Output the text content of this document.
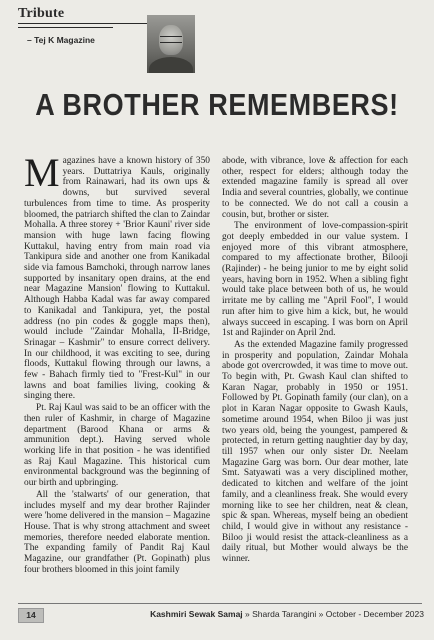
Tribute
– Tej K Magazine
A BROTHER REMEMBERS!

Magazines have a known history of 350 years. Duttatriya Kauls, originally from Rainawari, had its own ups & downs, but survived several turbulences from time to time. As prosperity bloomed, the patriarch shifted the clan to Zaindar Mohalla. A three storey + 'Brior Kauni' river side mansion with huge lawn facing flowing Kuttakul, having entry from main road via Tankipura side and another one from Kanikadal side via famous Bamchoki, through narrow lanes supported by insanitary open drains, at the end near Magazine Mansion' flowing to Kuttakul. Although Habba Kadal was far away compared to Kanikadal and Tankipura, yet, the postal address (no pin codes & goggle maps then), would include "Zaindar Mohalla, II-Bridge, Srinagar – Kashmir" to ensure correct delivery. In our childhood, it was exciting to see, during floods, Kuttakul flowing through our lawns, a few - Bahach firmly tied to "Frest-Kul" in our lawns and boat families living, cooking & singing there.

Pt. Raj Kaul was said to be an officer with the then ruler of Kashmir, in charge of Magazine department (Barood Khana or arms & ammunition dept.). Having served whole working life in that position - he was identified as Raj Kaul Magazine. This historical cum environmental background was the beginning of our birth and upbringing.

All the 'stalwarts' of our generation, that includes myself and my dear brother Rajinder were 'home delivered in the mansion – Magazine House. That is why strong attachment and sweet memories, therefore needed elaborate mention. The expanding family of Pandit Raj Kaul Magazine, our grandfather (Pt. Gopinath) plus four brothers bloomed in this joint family

abode, with vibrance, love & affection for each other, respect for elders; although today the extended magazine family is spread all over India and several countries, globally, we continue to be connected. We do not call a cousin a cousin, but, brother or sister.

The environment of love-compassion-spirit got deeply embedded in our value system. I enjoyed more of this vibrant atmosphere, compared to my affectionate brother, Bilooji (Rajinder) - he being junior to me by eight solid years, having born in 1952. When a sibling fight would take place between both of us, he would irritate me by calling me "April Fool", I would run after him to give him a kick, but, he would always succeed in escaping. I was born on April 1st and Rajinder on April 2nd.

As the extended Magazine family progressed in prosperity and population, Zaindar Mohala abode got overcrowded, it was time to move out. To begin with, Pt. Gwash Kaul clan shifted to Karan Nagar, probably in 1950 or 1951. Followed by Pt. Gopinath family (our clan), on a plot in Karan Nagar opposite to Gwash Kauls, sometime around 1954, when Biloo ji was just two years old, being the youngest, pampered & protected, in return getting naughtier day by day, till 1957 when our only sister Dr. Neelam Magazine Garg was born. Our dear mother, late Smt. Satyawati was a very disciplined mother, dedicated to kitchen and welfare of the joint family, and a cleanliness freak. She would every morning like to see her children, neat & clean, spic & span. Whereas, myself being an obedient child, I would give in without any resistance - Biloo ji would resist the attack-cleanliness as a daily ritual, but Mother would always be the winner.

14	Kashmiri Sewak Samaj » Sharda Tarangini » October - December 2023
